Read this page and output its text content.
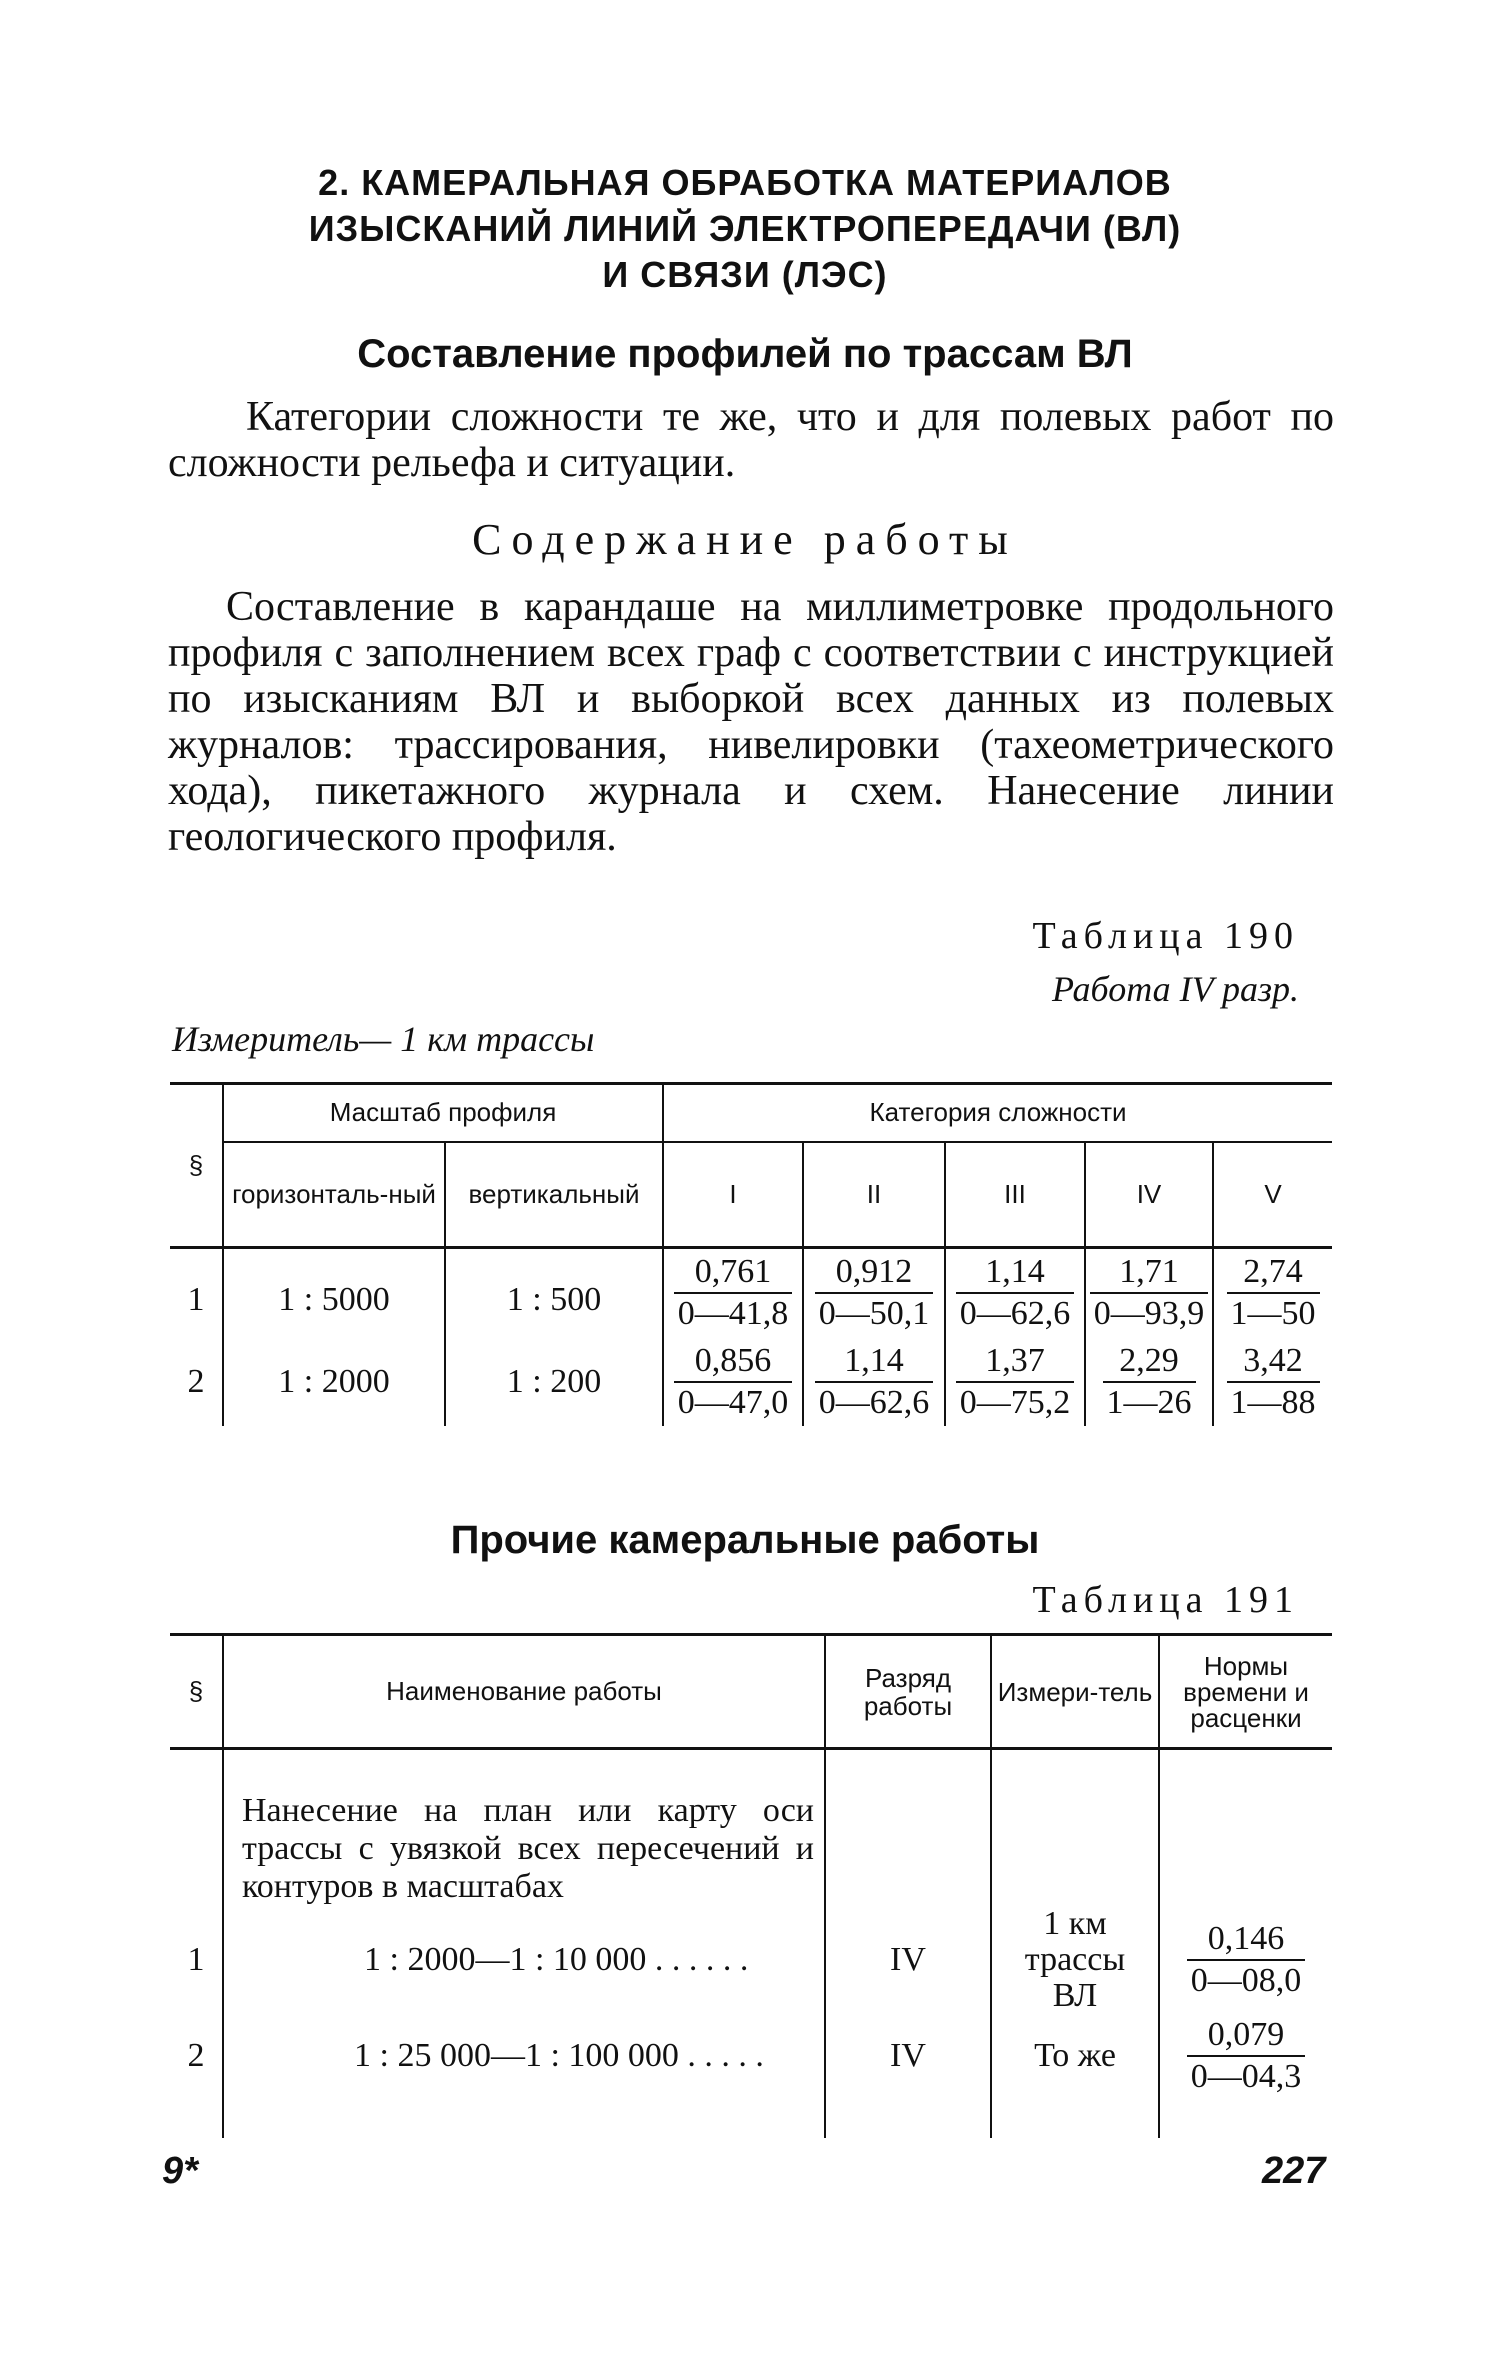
2. КАМЕРАЛЬНАЯ ОБРАБОТКА МАТЕРИАЛОВ
ИЗЫСКАНИЙ ЛИНИЙ ЭЛЕКТРОПЕРЕДАЧИ (ВЛ)
И СВЯЗИ (ЛЭС)
Составление профилей по трассам ВЛ
Категории сложности те же, что и для полевых работ по сложности рельефа и ситуации.
Содержание работы
Составление в карандаше на миллиметровке продольного профиля с заполнением всех граф с соответствии с инструкцией по изысканиям ВЛ и выборкой всех данных из полевых журналов: трассирования, нивелировки (тахеометрического хода), пикетажного журнала и схем. Нанесение линии геологического профиля.
Таблица 190
Работа IV разр.
Измеритель— 1 км трассы
§	Масштаб профиля		Категория сложности				
	горизонталь-ный	вертикальный	I	II	III	IV	V
1	1 : 5000	1 : 500	$\frac{0,761}{0—41,8}$	$\frac{0,912}{0—50,1}$	$\frac{1,14}{0—62,6}$	$\frac{1,71}{0—93,9}$	$\frac{2,74}{1—50}$

2	1 : 2000	1 : 200	$\frac{0,856}{0—47,0}$	$\frac{1,14}{0—62,6}$	$\frac{1,37}{0—75,2}$	$\frac{2,29}{1—26}$	$\frac{3,42}{1—88}$
Прочие камеральные работы
Таблица 191
§	Наименование работы	Разряд работы	Измери-тель	Нормы времени и расценки
	Нанесение на план или карту оси трассы с увязкой всех пересечений и контуров в масштабах			
1	1 : 2000—1 : 10 000 . . . . . .	IV	1 км трассы ВЛ	$\frac{0,146}{0—08,0}$

2	1 : 25 000—1 : 100 000 . . . . .	IV	То же	$\frac{0,079}{0—04,3}$

9*	227
